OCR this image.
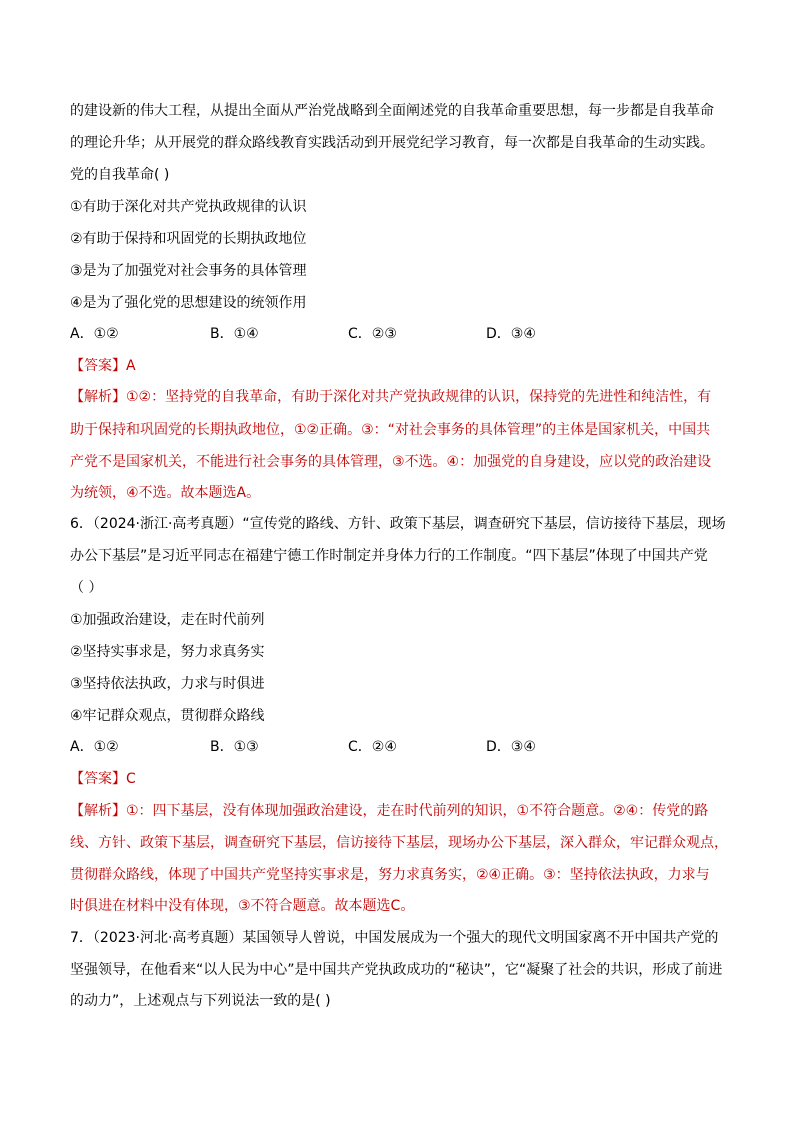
的建设新的伟大工程，从提出全面从严治党战略到全面阐述党的自我革命重要思想，每一步都是自我革命
的理论升华；从开展党的群众路线教育实践活动到开展党纪学习教育，每一次都是自我革命的生动实践。
党的自我革命( )
①有助于深化对共产党执政规律的认识
②有助于保持和巩固党的长期执政地位
③是为了加强党对社会事务的具体管理
④是为了强化党的思想建设的统领作用
A．①②	B．①④	C．②③	D．③④
【答案】A
【解析】①②：坚持党的自我革命，有助于深化对共产党执政规律的认识，保持党的先进性和纯洁性，有
助于保持和巩固党的长期执政地位，①②正确。③：“对社会事务的具体管理”的主体是国家机关，中国共
产党不是国家机关，不能进行社会事务的具体管理，③不选。④：加强党的自身建设，应以党的政治建设
为统领，④不选。故本题选A。
6．（2024·浙江·高考真题）“宣传党的路线、方针、政策下基层，调查研究下基层，信访接待下基层，现场
办公下基层”是习近平同志在福建宁德工作时制定并身体力行的工作制度。“四下基层”体现了中国共产党
（ ）
①加强政治建设，走在时代前列
②坚持实事求是，努力求真务实
③坚持依法执政，力求与时俱进
④牢记群众观点，贯彻群众路线
A．①②	B．①③	C．②④	D．③④
【答案】C
【解析】①：四下基层，没有体现加强政治建设，走在时代前列的知识，①不符合题意。②④：传党的路
线、方针、政策下基层，调查研究下基层，信访接待下基层，现场办公下基层，深入群众，牢记群众观点，
贯彻群众路线，体现了中国共产党坚持实事求是，努力求真务实，②④正确。③：坚持依法执政，力求与
时俱进在材料中没有体现，③不符合题意。故本题选C。
7．（2023·河北·高考真题）某国领导人曾说，中国发展成为一个强大的现代文明国家离不开中国共产党的
坚强领导，在他看来“以人民为中心”是中国共产党执政成功的“秘诀”，它“凝聚了社会的共识，形成了前进
的动力”，上述观点与下列说法一致的是( )
